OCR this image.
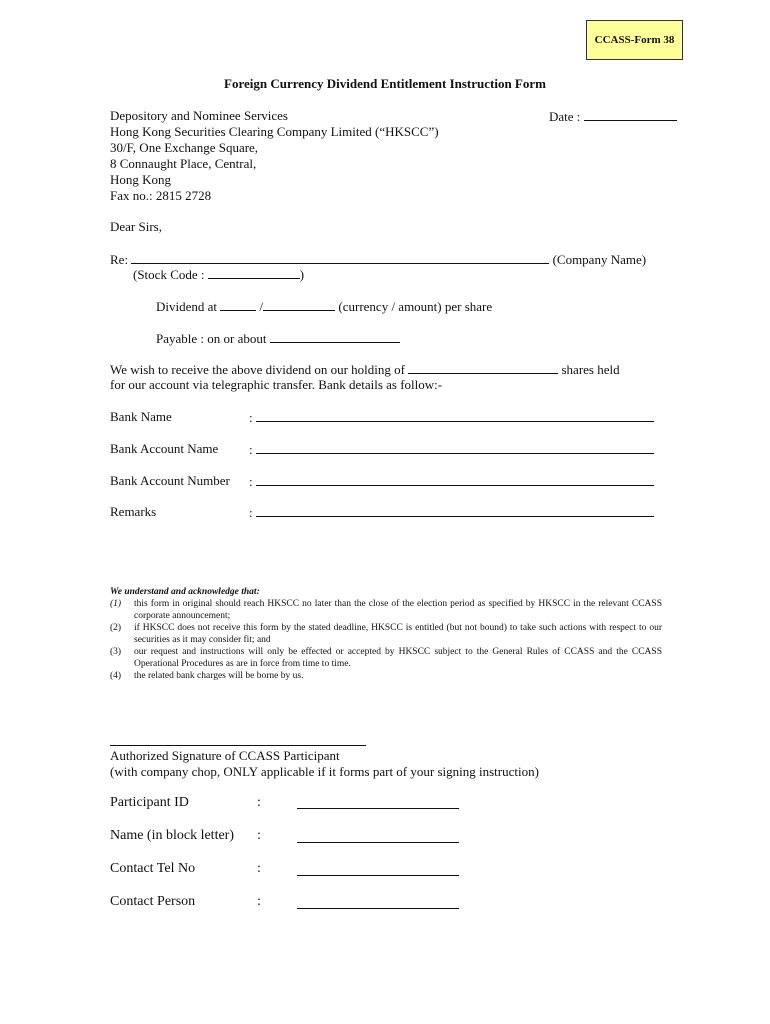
CCASS-Form 38
Foreign Currency Dividend Entitlement Instruction Form
Depository and Nominee Services
Hong Kong Securities Clearing Company Limited (“HKSCC”)
30/F, One Exchange Square,
8 Connaught Place, Central,
Hong Kong
Fax no.: 2815 2728
Date :
Dear Sirs,
Re:	(Company Name)
(Stock Code :	)
Dividend at	/	(currency / amount) per share
Payable : on or about
We wish to receive the above dividend on our holding of	shares held
for our account via telegraphic transfer. Bank details as follow:-
Bank Name	:
Bank Account Name :
Bank Account Number :
Remarks	:
We understand and acknowledge that:
(1) this form in original should reach HKSCC no later than the close of the election period as specified by HKSCC in the relevant CCASS corporate announcement;
(2) if HKSCC does not receive this form by the stated deadline, HKSCC is entitled (but not bound) to take such actions with respect to our securities as it may consider fit; and
(3) our request and instructions will only be effected or accepted by HKSCC subject to the General Rules of CCASS and the CCASS Operational Procedures as are in force from time to time.
(4) the related bank charges will be borne by us.
Authorized Signature of CCASS Participant
(with company chop, ONLY applicable if it forms part of your signing instruction)
Participant ID	:
Name (in block letter) :
Contact Tel No	:
Contact Person	:
